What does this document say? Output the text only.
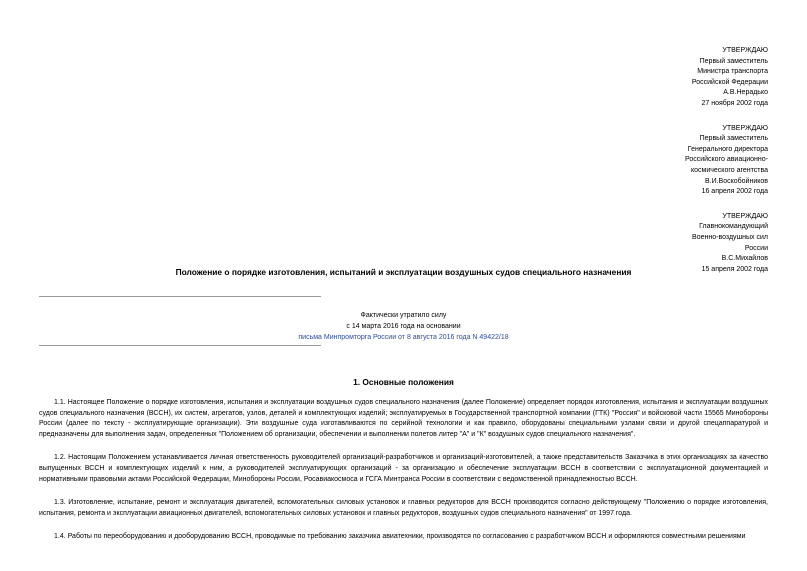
УТВЕРЖДАЮ
Первый заместитель
Министра транспорта
Российской Федерации
А.В.Нерадько
27 ноября 2002 года
УТВЕРЖДАЮ
Первый заместитель
Генерального директора
Российского авиационно-
космического агентства
В.И.Воскобойников
16 апреля 2002 года
УТВЕРЖДАЮ
Главнокомандующий
Военно-воздушных сил
России
В.С.Михайлов
15 апреля 2002 года
Положение о порядке изготовления, испытаний и эксплуатации воздушных судов специального назначения
Фактически утратило силу
с 14 марта 2016 года на основании
письма Минпромторга России от 8 августа 2016 года N 49422/18
1. Основные положения

1.1. Настоящее Положение о порядке изготовления, испытания и эксплуатации воздушных судов специального назначения (далее Положение) определяет порядок изготовления, испытания и эксплуатации воздушных судов специального назначения (ВССН), их систем, агрегатов, узлов, деталей и комплектующих изделий; эксплуатируемых в Государственной транспортной компании (ГТК) "Россия" и войсковой части 15565 Минобороны России (далее по тексту - эксплуатирующие организации). Эти воздушные суда изготавливаются по серийной технологии и как правило, оборудованы специальными узлами связи и другой спецаппаратурой и предназначены для выполнения задач, определенных "Положением об организации, обеспечении и выполнении полетов литер "А" и "К" воздушных судов специального назначения".

1.2. Настоящим Положением устанавливается личная ответственность руководителей организаций-разработчиков и организаций-изготовителей, а также представительств Заказчика в этих организациях за качество выпущенных ВССН и комплектующих изделий к ним, а руководителей эксплуатирующих организаций - за организацию и обеспечение эксплуатации ВССН в соответствии с эксплуатационной документацией и нормативными правовыми актами Российской Федерации, Минобороны России, Росавиакосмоса и ГСГА Минтранса России в соответствии с ведомственной принадлежностью ВССН.

1.3. Изготовление, испытание, ремонт и эксплуатация двигателей, вспомогательных силовых установок и главных редукторов для ВССН производится согласно действующему "Положению о порядке изготовления, испытания, ремонта и эксплуатации авиационных двигателей, вспомогательных силовых установок и главных редукторов, воздушных судов специального назначения" от 1997 года.

1.4. Работы по переоборудованию и дооборудованию ВССН, проводимые по требованию заказчика авиатехники, производятся по согласованию с разработчиком ВССН и оформляются совместными решениями
